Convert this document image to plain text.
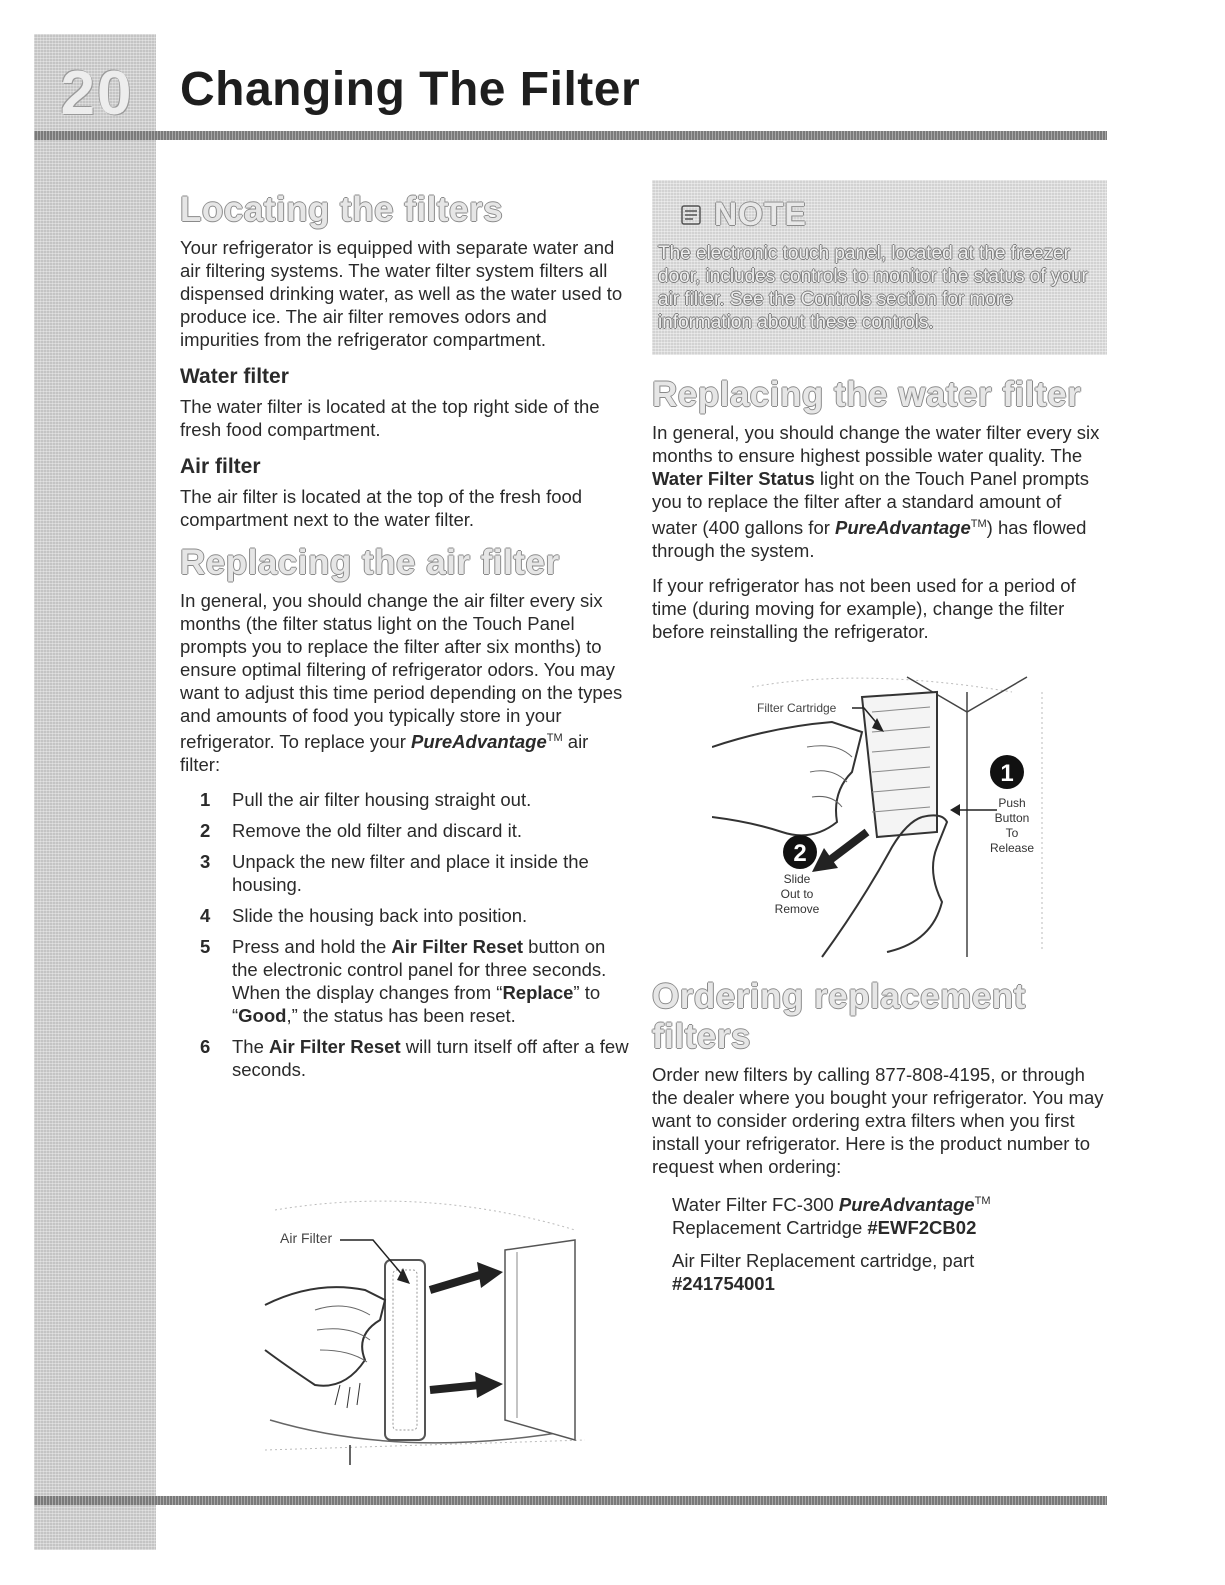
20 Changing The Filter
Locating the filters

Your refrigerator is equipped with separate water and air filtering systems. The water filter system filters all dispensed drinking water, as well as the water used to produce ice. The air filter removes odors and impurities from the refrigerator compartment.

Water filter

The water filter is located at the top right side of the fresh food compartment.

Air filter

The air filter is located at the top of the fresh food compartment next to the water filter.

Replacing the air filter

In general, you should change the air filter every six months (the filter status light on the Touch Panel prompts you to replace the filter after six months) to ensure optimal filtering of refrigerator odors. You may want to adjust this time period depending on the types and amounts of food you typically store in your refrigerator. To replace your PureAdvantage™ air filter:

1 Pull the air filter housing straight out.
2 Remove the old filter and discard it.
3 Unpack the new filter and place it inside the housing.
4 Slide the housing back into position.
5 Press and hold the Air Filter Reset button on the electronic control panel for three seconds. When the display changes from “Replace” to “Good,” the status has been reset.
6 The Air Filter Reset will turn itself off after a few seconds.
Air Filter
NOTE
The electronic touch panel, located at the freezer door, includes controls to monitor the status of your air filter. See the Controls section for more information about these controls.
Replacing the water filter

In general, you should change the water filter every six months to ensure highest possible water quality. The Water Filter Status light on the Touch Panel prompts you to replace the filter after a standard amount of water (400 gallons for PureAdvantage™) has flowed through the system.

If your refrigerator has not been used for a period of time (during moving for example), change the filter before reinstalling the refrigerator.

Ordering replacement filters

Order new filters by calling 877-808-4195, or through the dealer where you bought your refrigerator. You may want to consider ordering extra filters when you first install your refrigerator. Here is the product number to request when ordering:

Water Filter FC-300 PureAdvantage™
Replacement Cartridge #EWF2CB02

Air Filter Replacement cartridge, part
#241754001

Filter Cartridge
1
Push
Button
To
Release
2
Slide
Out to
Remove
